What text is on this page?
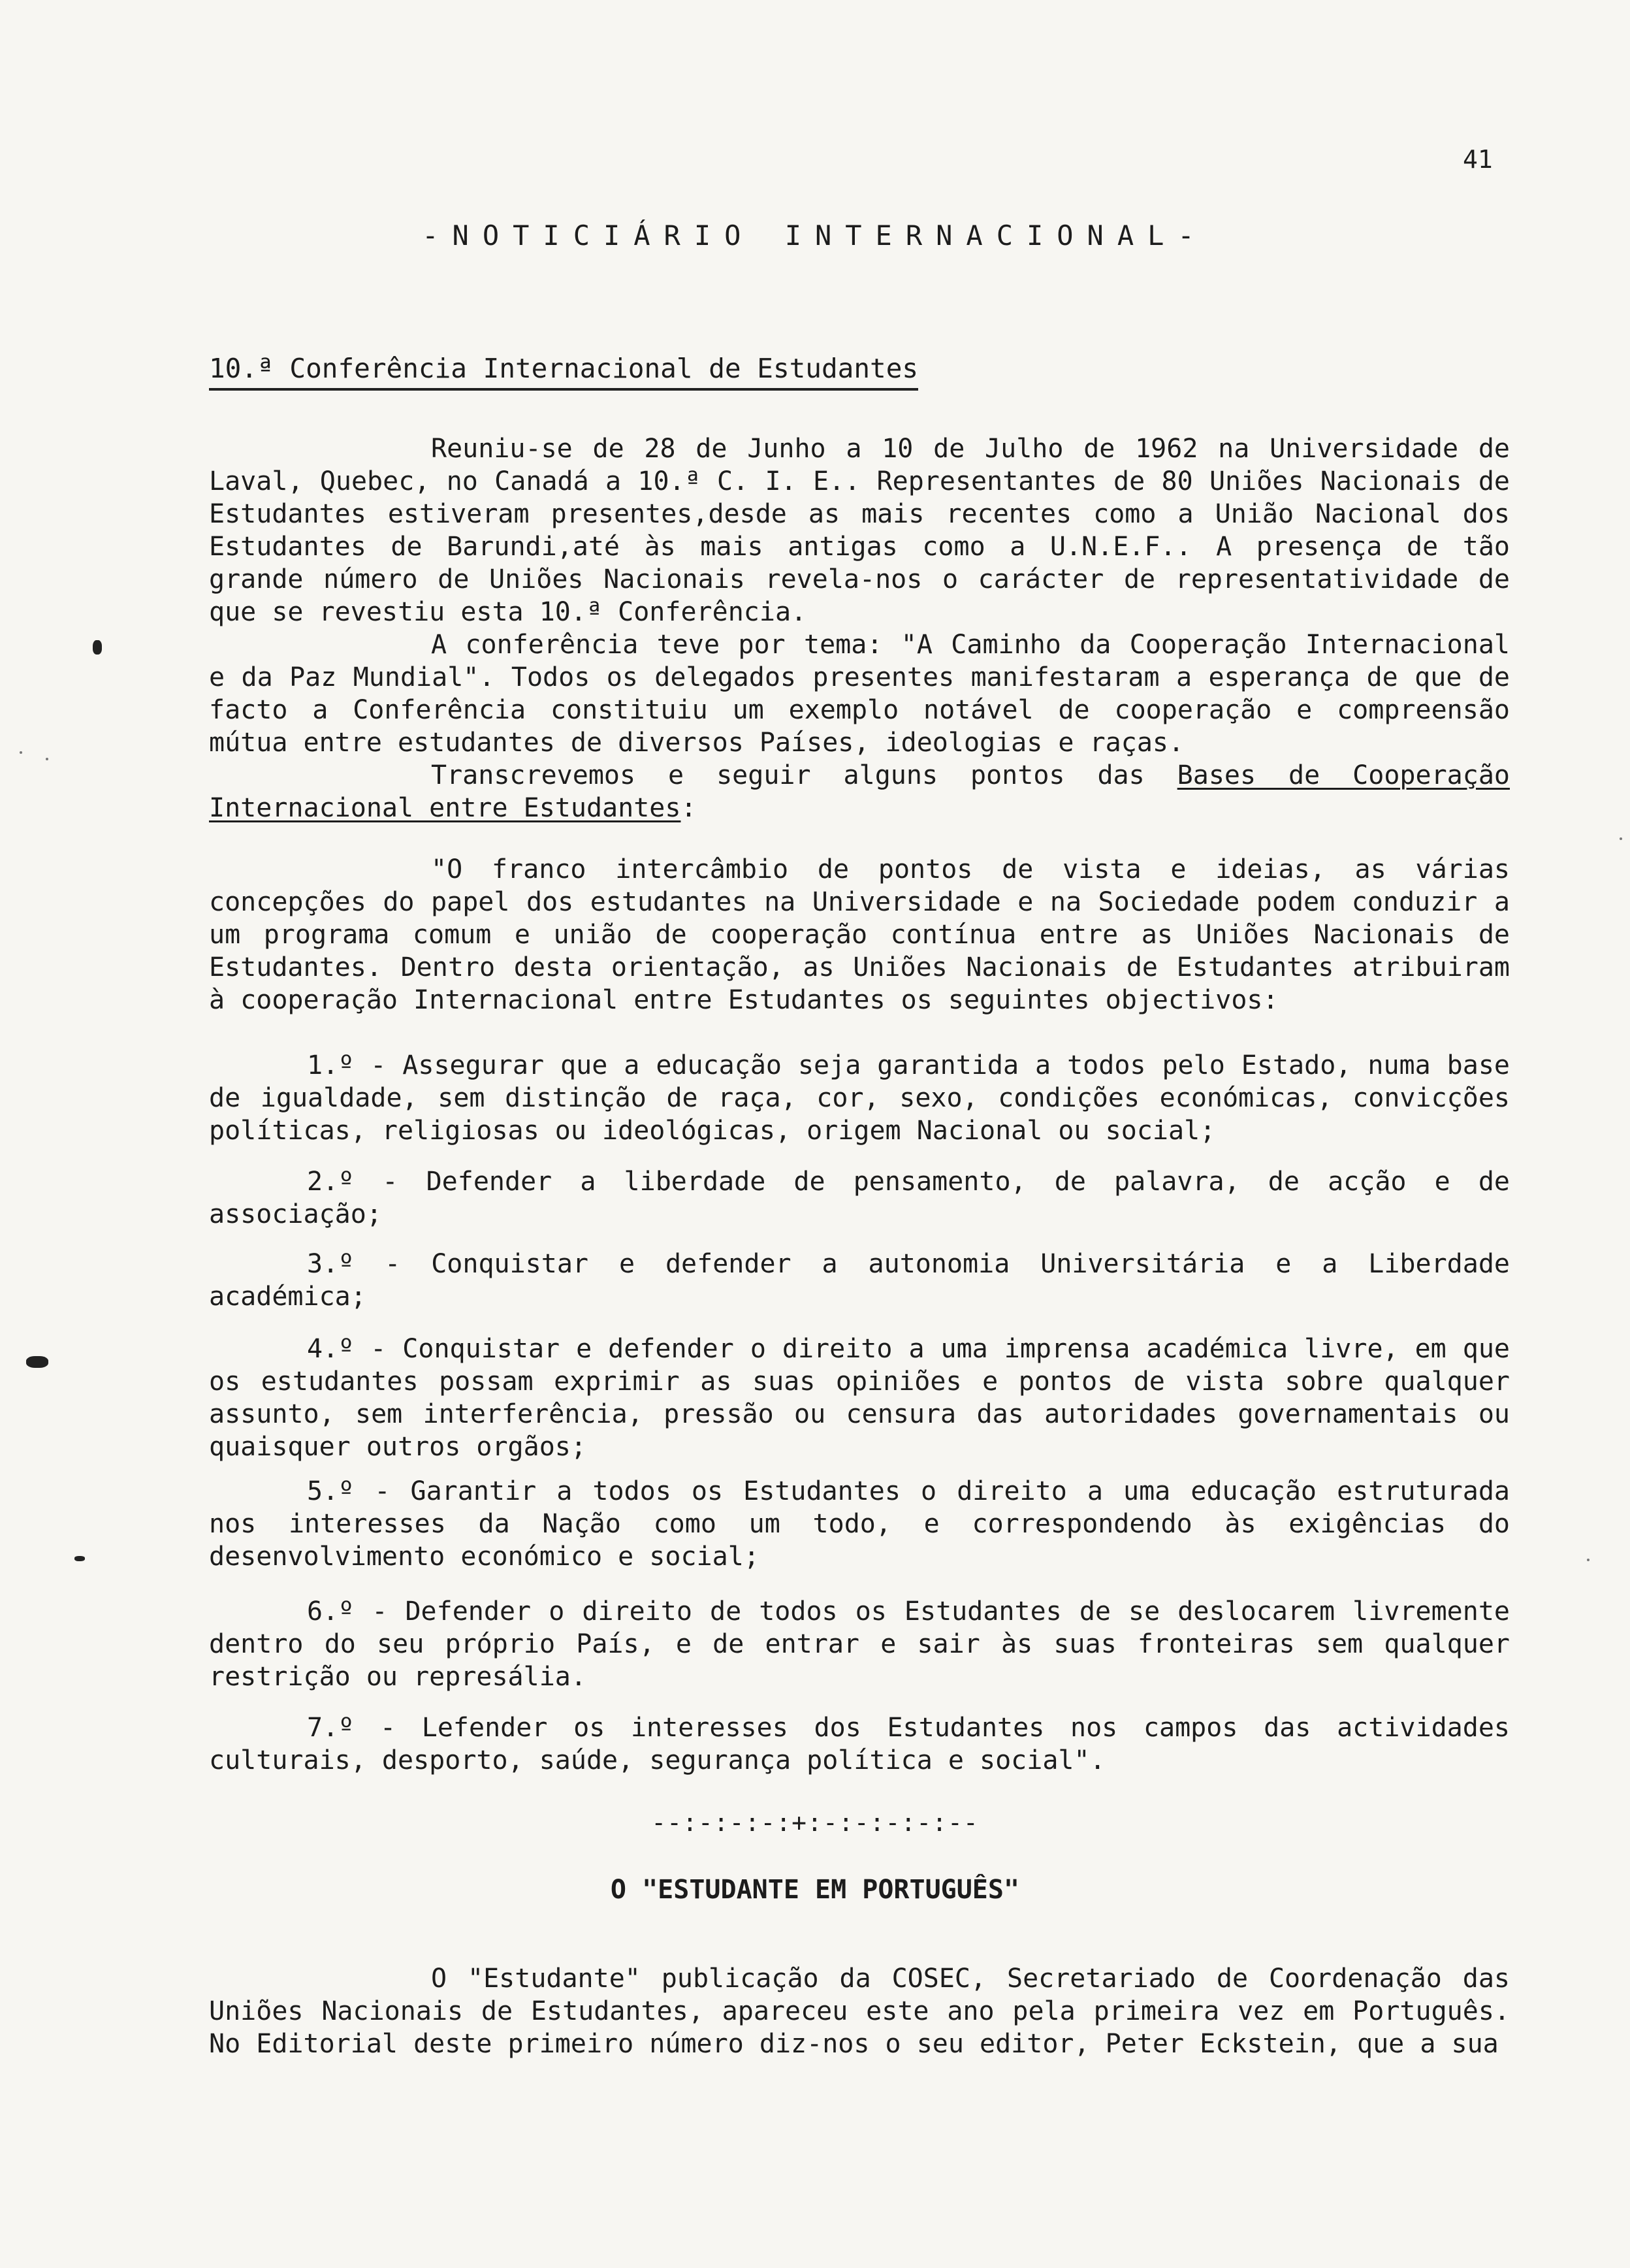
41
-NOTICIÁRIO INTERNACIONAL-
10.ª Conferência Internacional de Estudantes

Reuniu-se de 28 de Junho a 10 de Julho de 1962 na Universidade de Laval, Quebec, no Canadá a 10.ª C. I. E.. Representantes de 80 Uniões Nacionais de Estudantes estiveram presentes,desde as mais recentes como a União Nacional dos Estudantes de Barundi,até às mais antigas como a U.N.E.F.. A presença de tão grande número de Uniões Nacionais revela-nos o carácter de representatividade de que se revestiu esta 10.ª Conferência.

A conferência teve por tema: "A Caminho da Cooperação Internacional e da Paz Mundial". Todos os delegados presentes manifestaram a esperança de que de facto a Conferência constituiu um exemplo notável de cooperação e compreensão mútua entre estudantes de diversos Países, ideologias e raças.

Transcrevemos e seguir alguns pontos das Bases de Cooperação Internacional entre Estudantes:

"O franco intercâmbio de pontos de vista e ideias, as várias concepções do papel dos estudantes na Universidade e na Sociedade podem conduzir a um programa comum e união de cooperação contínua entre as Uniões Nacionais de Estudantes. Dentro desta orientação, as Uniões Nacionais de Estudantes atribuiram à cooperação Internacional entre Estudantes os seguintes objectivos:

1.º - Assegurar que a educação seja garantida a todos pelo Estado, numa base de igualdade, sem distinção de raça, cor, sexo, condições económicas, convicções políticas, religiosas ou ideológicas, origem Nacional ou social;

2.º - Defender a liberdade de pensamento, de palavra, de acção e de associação;

3.º - Conquistar e defender a autonomia Universitária e a Liberdade académica;

4.º - Conquistar e defender o direito a uma imprensa académica livre, em que os estudantes possam exprimir as suas opiniões e pontos de vista sobre qualquer assunto, sem interferência, pressão ou censura das autoridades governamentais ou quaisquer outros orgãos;

5.º - Garantir a todos os Estudantes o direito a uma educação estruturada nos interesses da Nação como um todo, e correspondendo às exigências do desenvolvimento económico e social;

6.º - Defender o direito de todos os Estudantes de se deslocarem livremente dentro do seu próprio País, e de entrar e sair às suas fronteiras sem qualquer restrição ou represália.

7.º - Lefender os interesses dos Estudantes nos campos das actividades culturais, desporto, saúde, segurança política e social".

--:-:-:-:+:-:-:-:-:--
O "ESTUDANTE EM PORTUGUÊS"

O "Estudante" publicação da COSEC, Secretariado de Coordenação das Uniões Nacionais de Estudantes, apareceu este ano pela primeira vez em Português. No Editorial deste primeiro número diz-nos o seu editor, Peter Eckstein, que a sua
